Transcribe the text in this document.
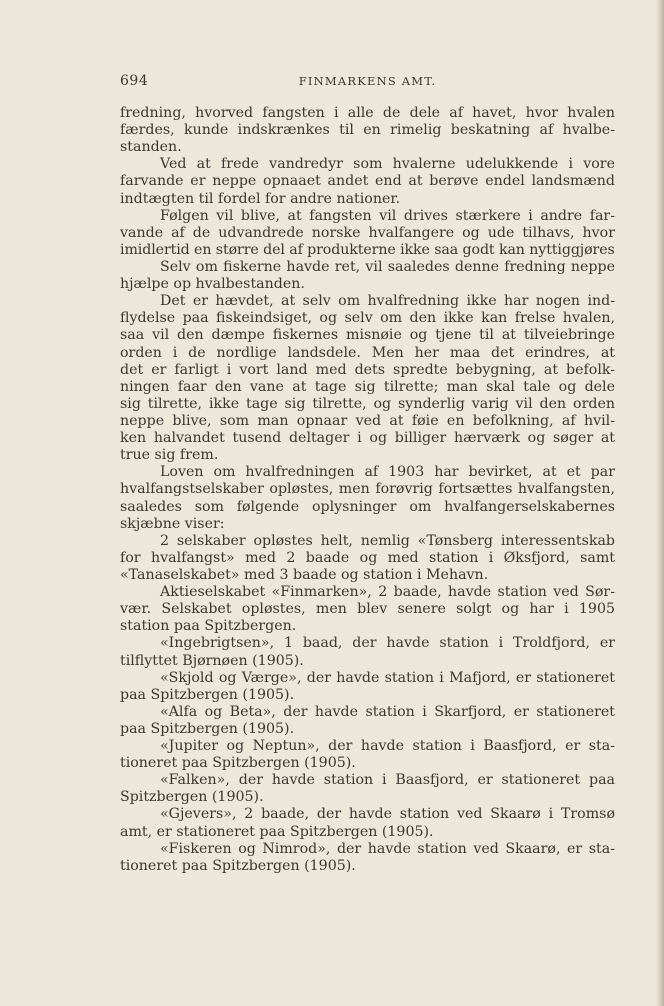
694	FINMARKENS AMT.
fredning, hvorved fangsten i alle de dele af havet, hvor hvalen
færdes, kunde indskrænkes til en rimelig beskatning af hvalbe-
standen.
Ved at frede vandredyr som hvalerne udelukkende i vore
farvande er neppe opnaaet andet end at berøve endel landsmænd
indtægten til fordel for andre nationer.
Følgen vil blive, at fangsten vil drives stærkere i andre far-
vande af de udvandrede norske hvalfangere og ude tilhavs, hvor
imidlertid en større del af produkterne ikke saa godt kan nyttiggjøres
Selv om fiskerne havde ret, vil saaledes denne fredning neppe
hjælpe op hvalbestanden.
Det er hævdet, at selv om hvalfredning ikke har nogen ind-
flydelse paa fiskeindsiget, og selv om den ikke kan frelse hvalen,
saa vil den dæmpe fiskernes misnøie og tjene til at tilveiebringe
orden i de nordlige landsdele. Men her maa det erindres, at
det er farligt i vort land med dets spredte bebygning, at befolk-
ningen faar den vane at tage sig tilrette; man skal tale og dele
sig tilrette, ikke tage sig tilrette, og synderlig varig vil den orden
neppe blive, som man opnaar ved at føie en befolkning, af hvil-
ken halvandet tusend deltager i og billiger hærværk og søger at
true sig frem.
Loven om hvalfredningen af 1903 har bevirket, at et par
hvalfangstselskaber opløstes, men forøvrig fortsættes hvalfangsten,
saaledes som følgende oplysninger om hvalfangerselskabernes
skjæbne viser:
2 selskaber opløstes helt, nemlig «Tønsberg interessentskab
for hvalfangst» med 2 baade og med station i Øksfjord, samt
«Tanaselskabet» med 3 baade og station i Mehavn.
Aktieselskabet «Finmarken», 2 baade, havde station ved Sør-
vær. Selskabet opløstes, men blev senere solgt og har i 1905
station paa Spitzbergen.
«Ingebrigtsen», 1 baad, der havde station i Troldfjord, er
tilflyttet Bjørnøen (1905).
«Skjold og Værge», der havde station i Mafjord, er stationeret
paa Spitzbergen (1905).
«Alfa og Beta», der havde station i Skarfjord, er stationeret
paa Spitzbergen (1905).
«Jupiter og Neptun», der havde station i Baasfjord, er sta-
tioneret paa Spitzbergen (1905).
«Falken», der havde station i Baasfjord, er stationeret paa
Spitzbergen (1905).
«Gjevers», 2 baade, der havde station ved Skaarø i Tromsø
amt, er stationeret paa Spitzbergen (1905).
«Fiskeren og Nimrod», der havde station ved Skaarø, er sta-
tioneret paa Spitzbergen (1905).
